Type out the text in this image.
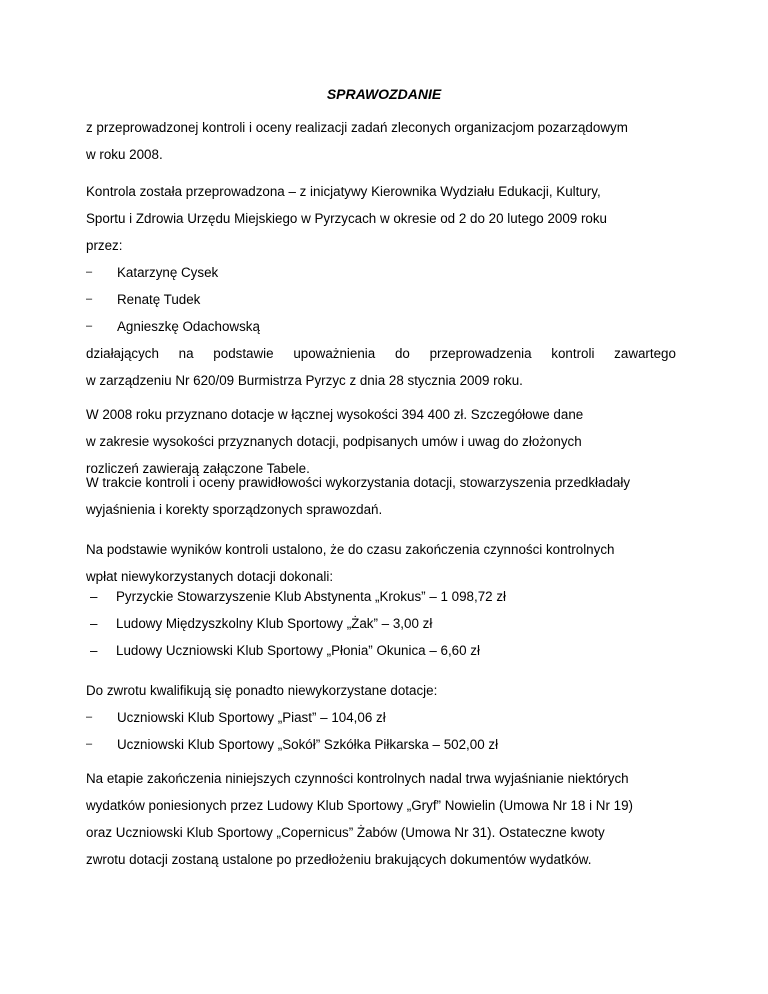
SPRAWOZDANIE
z przeprowadzonej kontroli i oceny realizacji zadań zleconych organizacjom pozarządowym
w roku 2008.
Kontrola została przeprowadzona – z inicjatywy Kierownika Wydziału Edukacji, Kultury,
Sportu i Zdrowia Urzędu Miejskiego w Pyrzycach w okresie od 2 do 20 lutego 2009 roku
przez:
– Katarzynę Cysek
– Renatę Tudek
– Agnieszkę Odachowską
działających na podstawie upoważnienia do przeprowadzenia kontroli zawartego
w zarządzeniu Nr 620/09 Burmistrza Pyrzyc z dnia 28 stycznia 2009 roku.
W 2008 roku przyznano dotacje w łącznej wysokości 394 400 zł. Szczegółowe dane
w zakresie wysokości przyznanych dotacji, podpisanych umów i uwag do złożonych
rozliczeń zawierają załączone Tabele.
W trakcie kontroli i oceny prawidłowości wykorzystania dotacji, stowarzyszenia przedkładały
wyjaśnienia i korekty sporządzonych sprawozdań.
Na podstawie wyników kontroli ustalono, że do czasu zakończenia czynności kontrolnych
wpłat niewykorzystanych dotacji dokonali:
– Pyrzyckie Stowarzyszenie Klub Abstynenta „Krokus” – 1 098,72 zł
– Ludowy Międzyszkolny Klub Sportowy „Żak” – 3,00 zł
– Ludowy Uczniowski Klub Sportowy „Płonia” Okunica – 6,60 zł
Do zwrotu kwalifikują się ponadto niewykorzystane dotacje:
– Uczniowski Klub Sportowy „Piast” – 104,06 zł
– Uczniowski Klub Sportowy „Sokół” Szkółka Piłkarska – 502,00 zł
Na etapie zakończenia niniejszych czynności kontrolnych nadal trwa wyjaśnianie niektórych
wydatków poniesionych przez Ludowy Klub Sportowy „Gryf” Nowielin (Umowa Nr 18 i Nr 19)
oraz Uczniowski Klub Sportowy „Copernicus” Żabów (Umowa Nr 31). Ostateczne kwoty
zwrotu dotacji zostaną ustalone po przedłożeniu brakujących dokumentów wydatków.
